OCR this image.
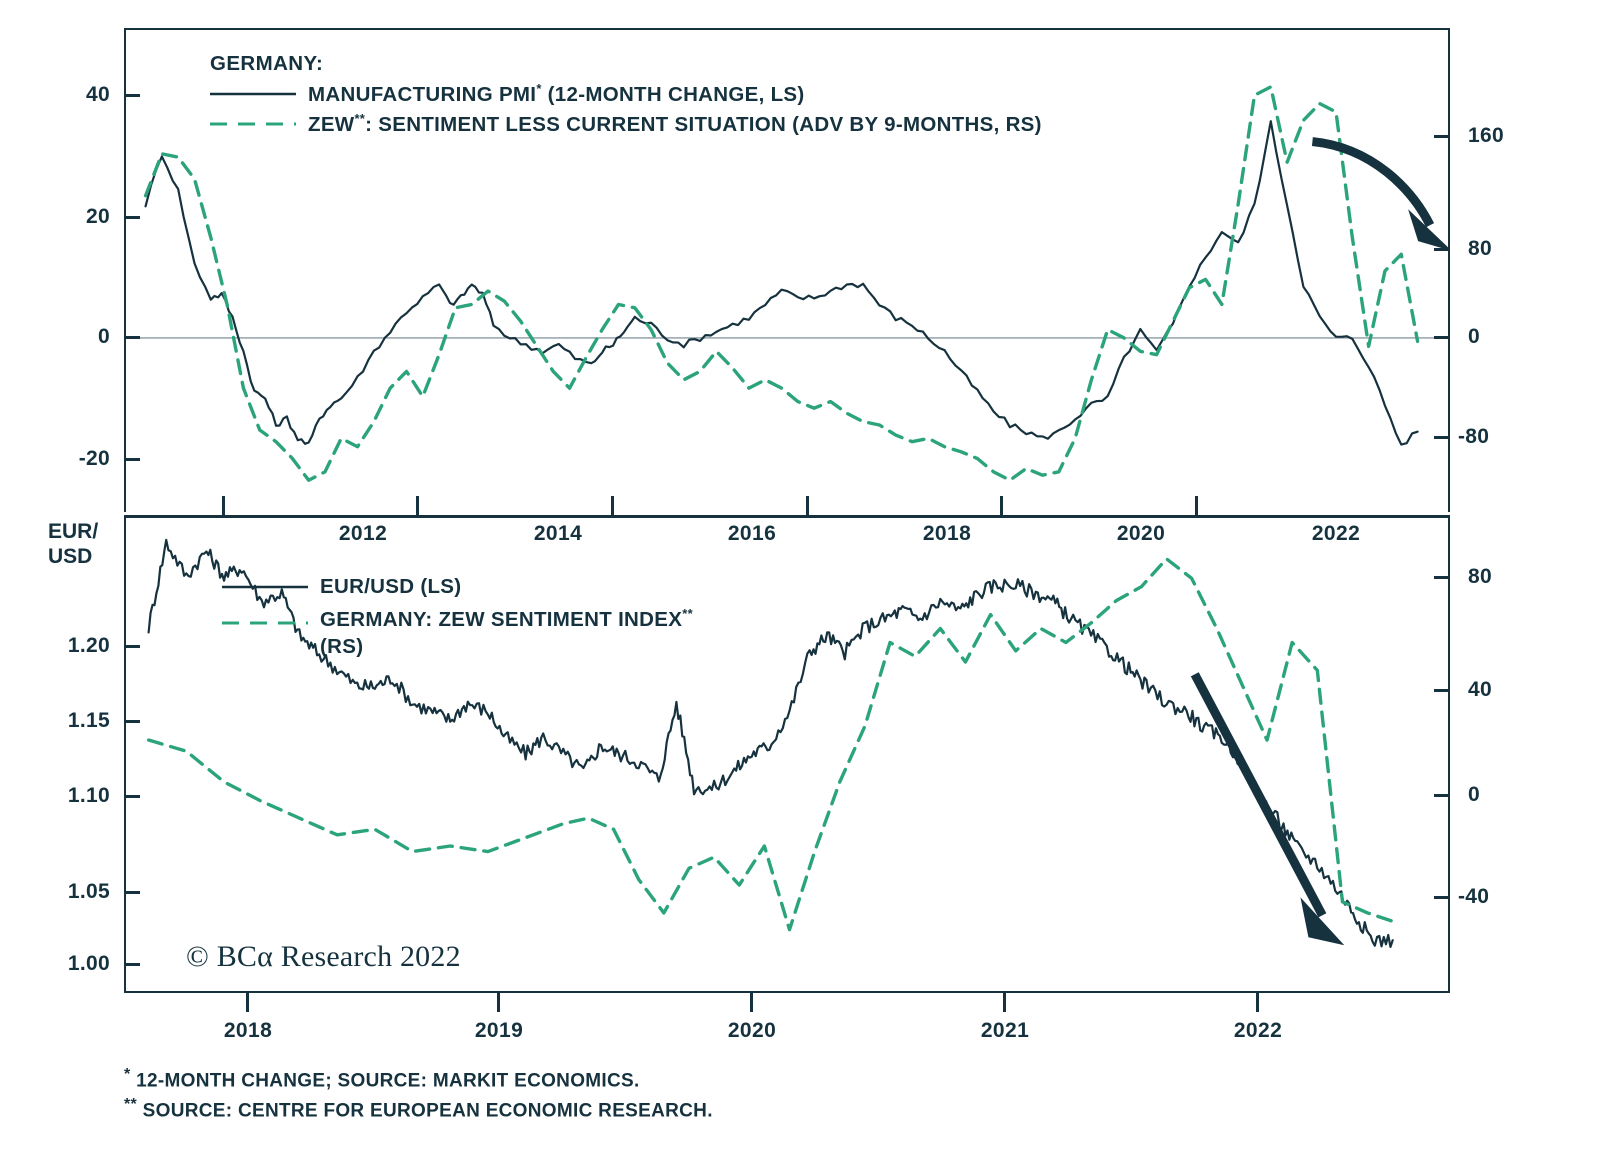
40
20
0
-20
160
80
0
-80
2012	2014	2016	2018	2020	2022
GERMANY:
MANUFACTURING PMI* (12-MONTH CHANGE, LS)
ZEW**: SENTIMENT LESS CURRENT SITUATION (ADV BY 9-MONTHS, RS)
EUR/
USD
1.20
1.15
1.10
1.05
1.00
80
40
0
-40
2018	2019	2020	2021	2022
EUR/USD (LS)
GERMANY: ZEW SENTIMENT INDEX** (RS)
© BCα Research 2022
* 12-MONTH CHANGE; SOURCE: MARKIT ECONOMICS.
** SOURCE: CENTRE FOR EUROPEAN ECONOMIC RESEARCH.
